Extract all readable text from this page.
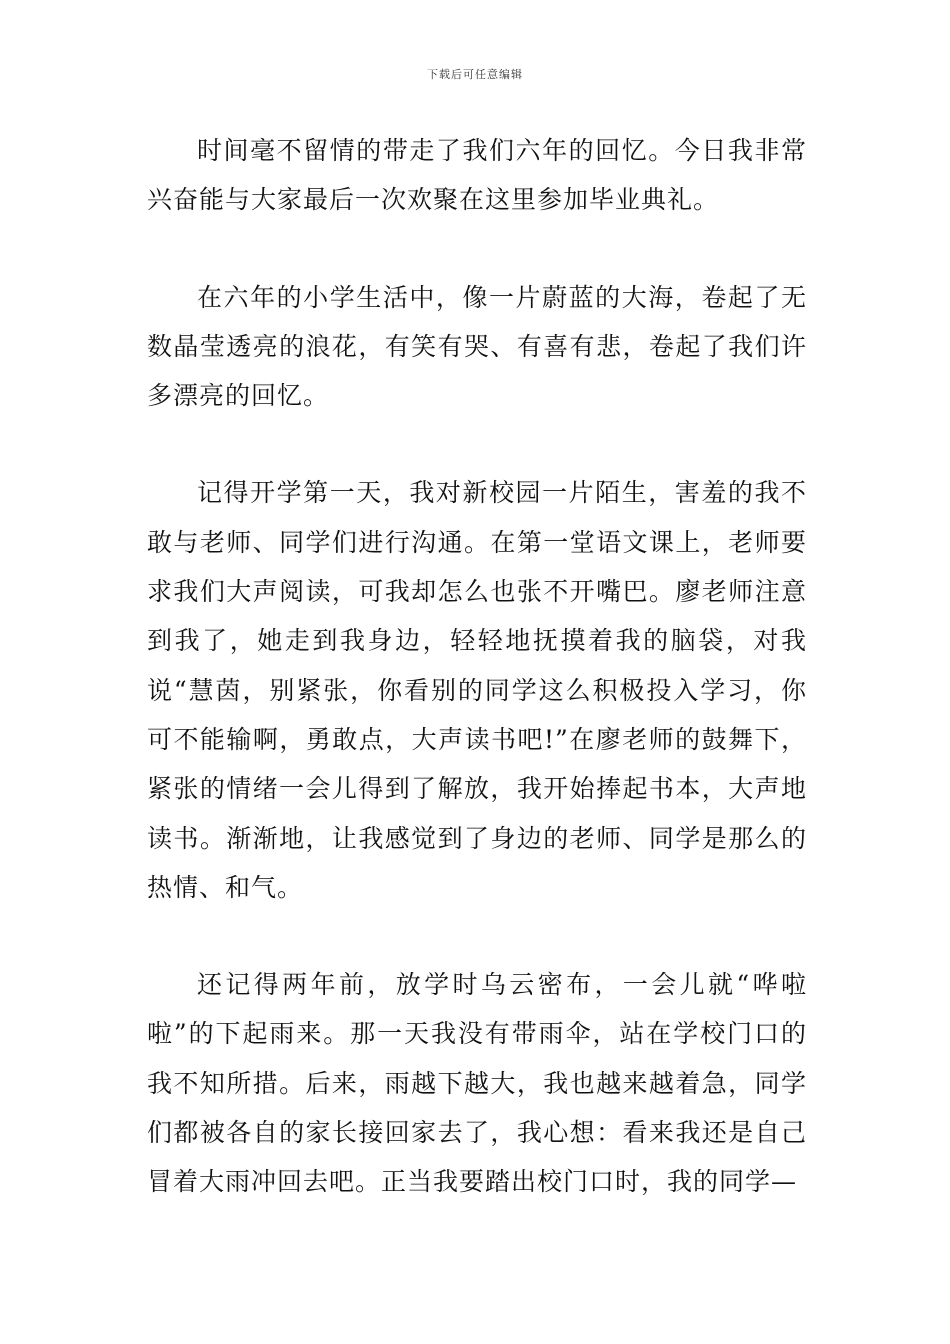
下载后可任意编辑

时间毫不留情的带走了我们六年的回忆。今日我非常兴奋能与大家最后一次欢聚在这里参加毕业典礼。

在六年的小学生活中，像一片蔚蓝的大海，卷起了无数晶莹透亮的浪花，有笑有哭、有喜有悲，卷起了我们许多漂亮的回忆。

记得开学第一天，我对新校园一片陌生，害羞的我不敢与老师、同学们进行沟通。在第一堂语文课上，老师要求我们大声阅读，可我却怎么也张不开嘴巴。廖老师注意到我了，她走到我身边，轻轻地抚摸着我的脑袋，对我说“慧茵，别紧张，你看别的同学这么积极投入学习，你可不能输啊，勇敢点，大声读书吧!”在廖老师的鼓舞下，紧张的情绪一会儿得到了解放，我开始捧起书本，大声地读书。渐渐地，让我感觉到了身边的老师、同学是那么的热情、和气。

还记得两年前，放学时乌云密布，一会儿就“哗啦啦”的下起雨来。那一天我没有带雨伞，站在学校门口的我不知所措。后来，雨越下越大，我也越来越着急，同学们都被各自的家长接回家去了，我心想：看来我还是自己冒着大雨冲回去吧。正当我要踏出校门口时，我的同学—
